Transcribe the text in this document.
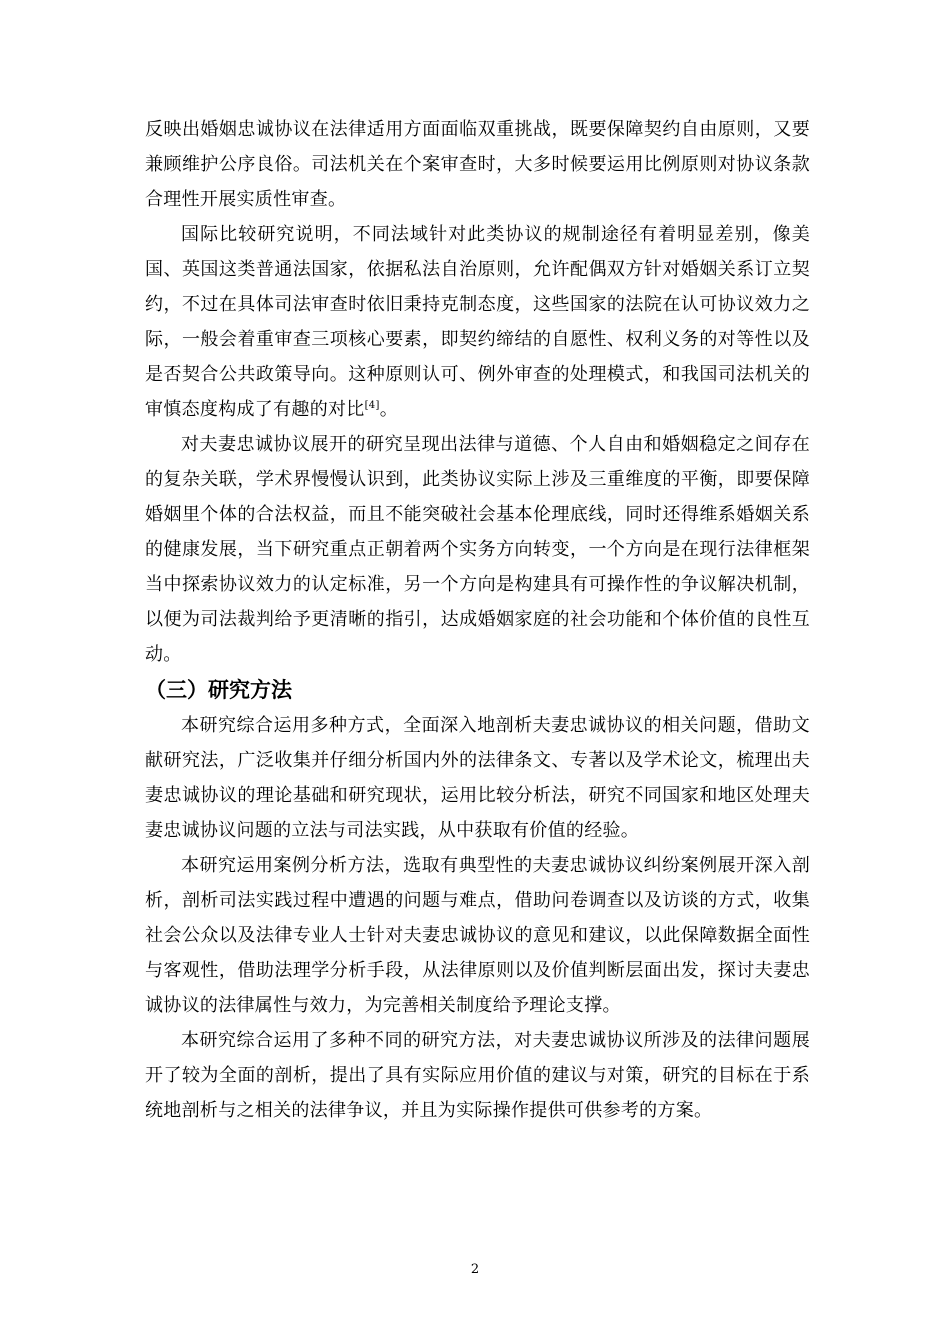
反映出婚姻忠诚协议在法律适用方面面临双重挑战，既要保障契约自由原则，又要兼顾维护公序良俗。司法机关在个案审查时，大多时候要运用比例原则对协议条款合理性开展实质性审查。

国际比较研究说明，不同法域针对此类协议的规制途径有着明显差别，像美国、英国这类普通法国家，依据私法自治原则，允许配偶双方针对婚姻关系订立契约，不过在具体司法审查时依旧秉持克制态度，这些国家的法院在认可协议效力之际，一般会着重审查三项核心要素，即契约缔结的自愿性、权利义务的对等性以及是否契合公共政策导向。这种原则认可、例外审查的处理模式，和我国司法机关的审慎态度构成了有趣的对比[4]。

对夫妻忠诚协议展开的研究呈现出法律与道德、个人自由和婚姻稳定之间存在的复杂关联，学术界慢慢认识到，此类协议实际上涉及三重维度的平衡，即要保障婚姻里个体的合法权益，而且不能突破社会基本伦理底线，同时还得维系婚姻关系的健康发展，当下研究重点正朝着两个实务方向转变，一个方向是在现行法律框架当中探索协议效力的认定标准，另一个方向是构建具有可操作性的争议解决机制，以便为司法裁判给予更清晰的指引，达成婚姻家庭的社会功能和个体价值的良性互动。

（三）研究方法

本研究综合运用多种方式，全面深入地剖析夫妻忠诚协议的相关问题，借助文献研究法，广泛收集并仔细分析国内外的法律条文、专著以及学术论文，梳理出夫妻忠诚协议的理论基础和研究现状，运用比较分析法，研究不同国家和地区处理夫妻忠诚协议问题的立法与司法实践，从中获取有价值的经验。

本研究运用案例分析方法，选取有典型性的夫妻忠诚协议纠纷案例展开深入剖析，剖析司法实践过程中遭遇的问题与难点，借助问卷调查以及访谈的方式，收集社会公众以及法律专业人士针对夫妻忠诚协议的意见和建议，以此保障数据全面性与客观性，借助法理学分析手段，从法律原则以及价值判断层面出发，探讨夫妻忠诚协议的法律属性与效力，为完善相关制度给予理论支撑。

本研究综合运用了多种不同的研究方法，对夫妻忠诚协议所涉及的法律问题展开了较为全面的剖析，提出了具有实际应用价值的建议与对策，研究的目标在于系统地剖析与之相关的法律争议，并且为实际操作提供可供参考的方案。

2
